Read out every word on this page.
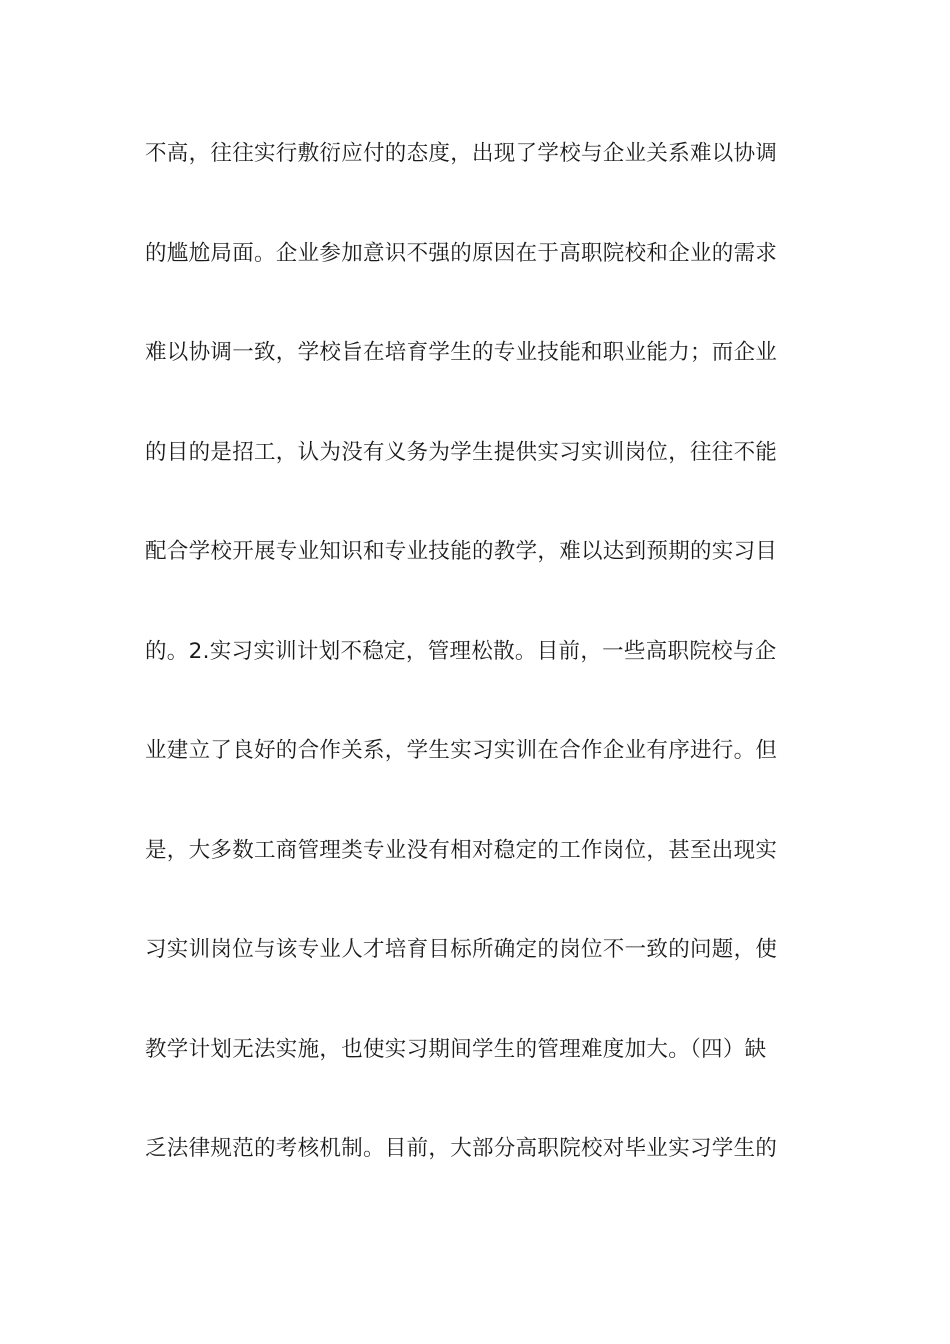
不高，往往实行敷衍应付的态度，出现了学校与企业关系难以协调
的尴尬局面。企业参加意识不强的原因在于高职院校和企业的需求
难以协调一致，学校旨在培育学生的专业技能和职业能力；而企业
的目的是招工，认为没有义务为学生提供实习实训岗位，往往不能
配合学校开展专业知识和专业技能的教学，难以达到预期的实习目
的。2.实习实训计划不稳定，管理松散。目前，一些高职院校与企
业建立了良好的合作关系，学生实习实训在合作企业有序进行。但
是，大多数工商管理类专业没有相对稳定的工作岗位，甚至出现实
习实训岗位与该专业人才培育目标所确定的岗位不一致的问题，使
教学计划无法实施，也使实习期间学生的管理难度加大。（四）缺
乏法律规范的考核机制。目前，大部分高职院校对毕业实习学生的
